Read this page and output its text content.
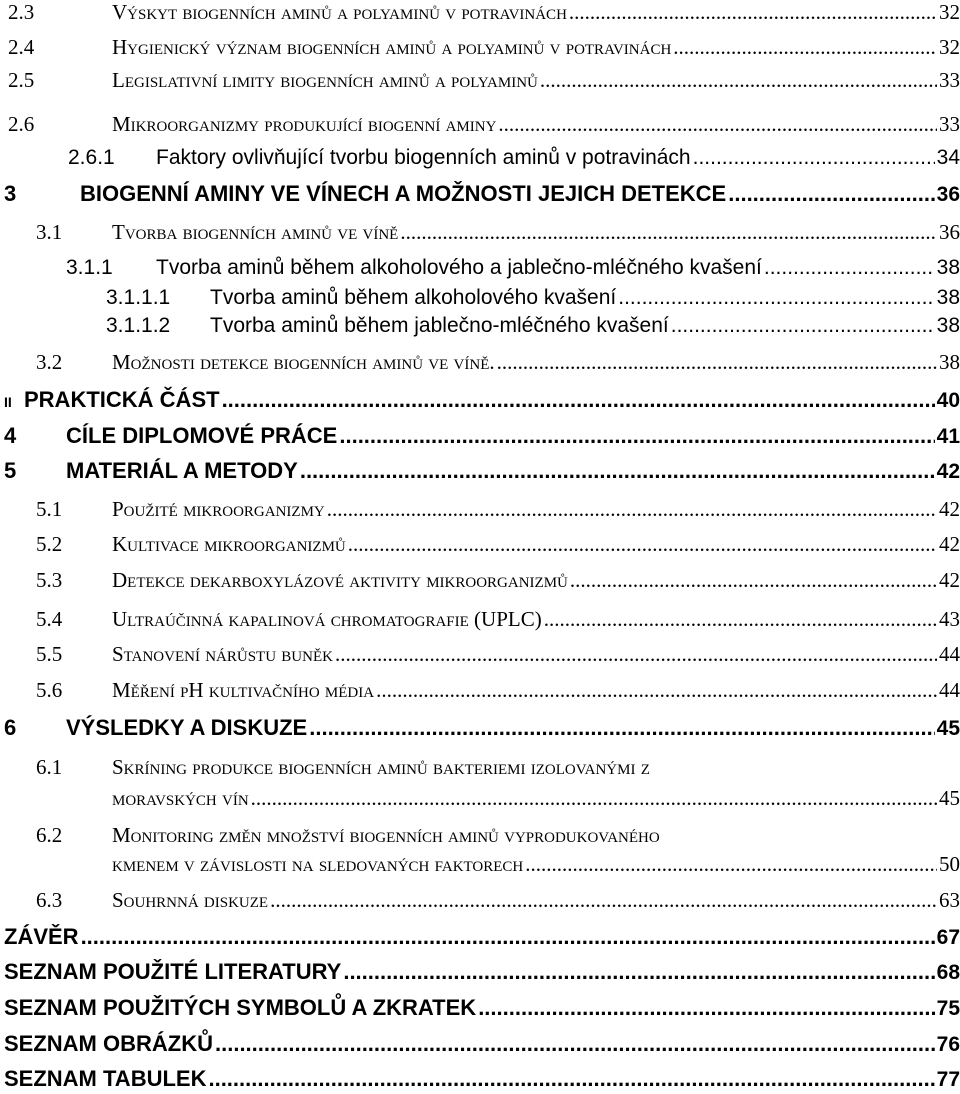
2.3	Výskyt biogenních aminů a polyaminů v potravinách .....	32
2.4	Hygienický význam biogenních aminů a polyaminů v potravinách .....	32
2.5	Legislativní limity biogenních aminů a polyaminů .....	33
2.6	Mikroorganizmy produkující biogenní aminy .....	33
2.6.1	Faktory ovlivňující tvorbu biogenních aminů v potravinách .....	34
3	BIOGENNÍ AMINY VE VÍNECH A MOŽNOSTI JEJICH DETEKCE .....	36
3.1	Tvorba biogenních aminů ve víně .....	36
3.1.1	Tvorba aminů během alkoholového a jablečno-mléčného kvašení .....	38
3.1.1.1	Tvorba aminů během alkoholového kvašení .....	38
3.1.1.2	Tvorba aminů během jablečno-mléčného kvašení .....	38
3.2	Možnosti detekce biogenních aminů ve víně. .....	38
II PRAKTICKÁ ČÁST .....	40
4	CÍLE DIPLOMOVÉ PRÁCE .....	41
5	MATERIÁL A METODY .....	42
5.1	Použité mikroorganizmy .....	42
5.2	Kultivace mikroorganizmů .....	42
5.3	Detekce dekarboxylázové aktivity mikroorganizmů .....	42
5.4	Ultraúčinná kapalinová chromatografie (UPLC) .....	43
5.5	Stanovení nárůstu buněk .....	44
5.6	Měření pH kultivačního média .....	44
6	VÝSLEDKY A DISKUZE .....	45
6.1	Skríning produkce biogenních aminů bakteriemi izolovanými z
moravských vín .....	45
6.2	Monitoring změn množství biogenních aminů vyprodukovaného
kmenem v závislosti na sledovaných faktorech .....	50
6.3	Souhrnná diskuze .....	63
ZÁVĚR .....	67
SEZNAM POUŽITÉ LITERATURY .....	68
SEZNAM POUŽITÝCH SYMBOLŮ A ZKRATEK .....	75
SEZNAM OBRÁZKŮ .....	76
SEZNAM TABULEK .....	77
